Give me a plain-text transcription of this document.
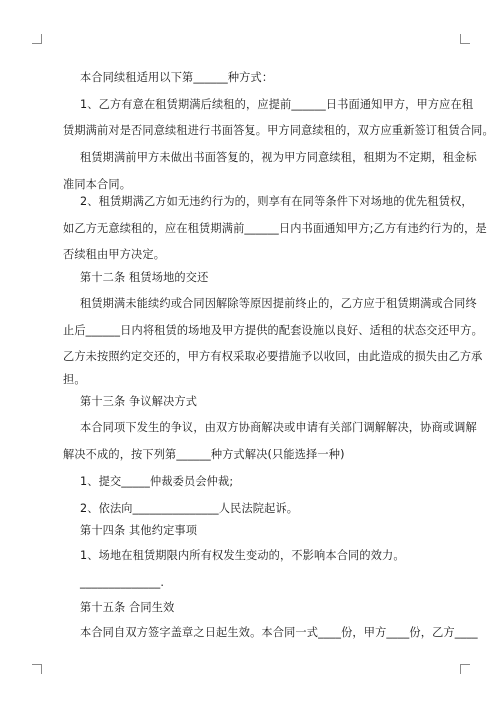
本合同续租适用以下第______种方式：
1、乙方有意在租赁期满后续租的，应提前______日书面通知甲方，甲方应在租
赁期满前对是否同意续租进行书面答复。甲方同意续租的，双方应重新签订租赁合同。
租赁期满前甲方未做出书面答复的，视为甲方同意续租，租期为不定期，租金标
准同本合同。
2、租赁期满乙方如无违约行为的，则享有在同等条件下对场地的优先租赁权，
如乙方无意续租的，应在租赁期满前______日内书面通知甲方;乙方有违约行为的，是
否续租由甲方决定。
第十二条 租赁场地的交还
租赁期满未能续约或合同因解除等原因提前终止的，乙方应于租赁期满或合同终
止后______日内将租赁的场地及甲方提供的配套设施以良好、适租的状态交还甲方。
乙方未按照约定交还的，甲方有权采取必要措施予以收回，由此造成的损失由乙方承
担。
第十三条 争议解决方式
本合同项下发生的争议，由双方协商解决或申请有关部门调解解决，协商或调解
解决不成的，按下列第______种方式解决(只能选择一种)
1、提交_____仲裁委员会仲裁;
2、依法向_______________人民法院起诉。
第十四条 其他约定事项
1、场地在租赁期限内所有权发生变动的，不影响本合同的效力。
______________.
第十五条 合同生效
本合同自双方签字盖章之日起生效。本合同一式____份，甲方____份，乙方____
